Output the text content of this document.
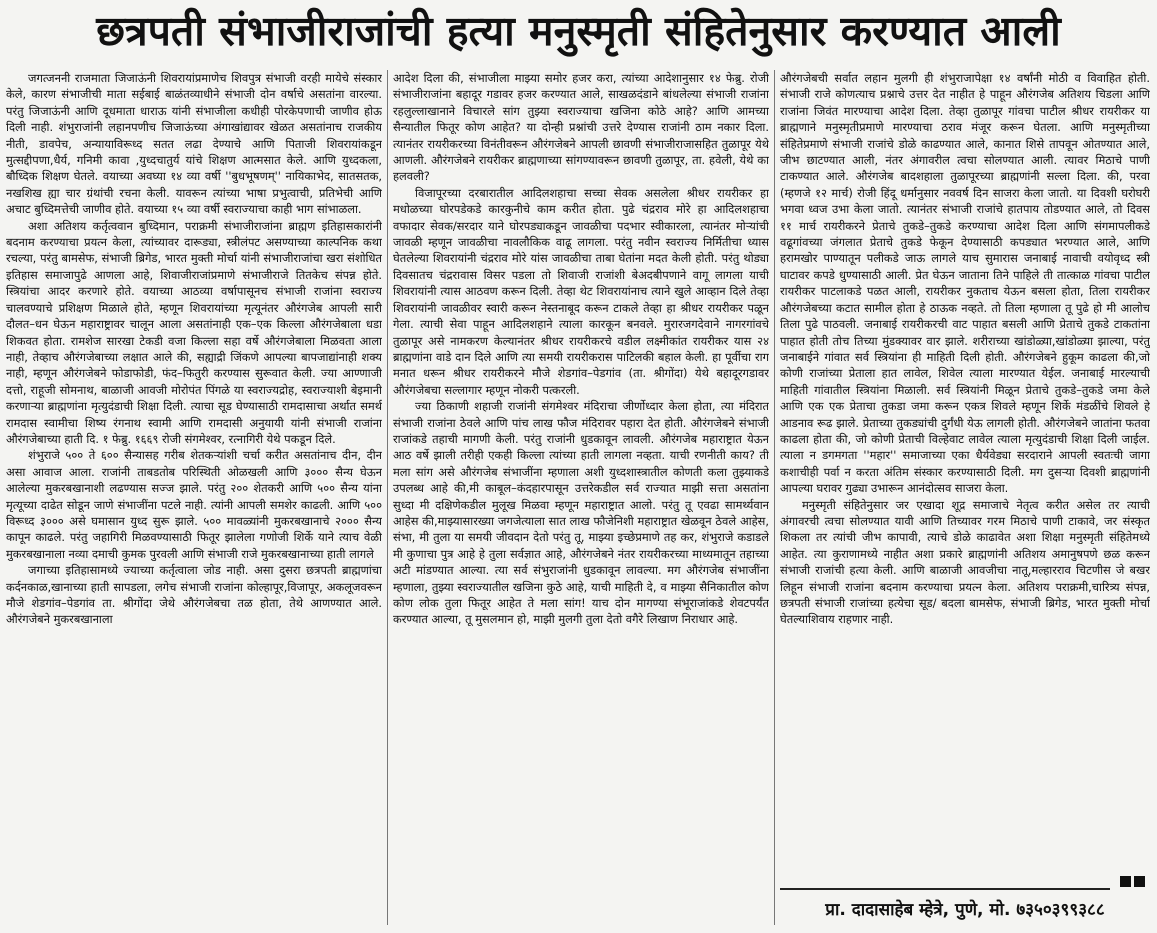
छत्रपती संभाजीराजांची हत्या मनुस्मृती संहितेनुसार करण्यात आली

जगत्जननी राजमाता जिजाऊंनी शिवरायांप्रमाणेच शिवपुत्र संभाजी वरही मायेचे संस्कार केले, कारण संभाजीची माता सईबाई बाळंतव्याधीने संभाजी दोन वर्षाचे असतांना वारल्या. परंतु जिजाऊंनी आणि दूधमाता धाराऊ यांनी संभाजीला कधीही पोरकेपणाची जाणीव होऊ दिली नाही. शंभुराजांनी लहानपणीच जिजाऊंच्या अंगाखांद्यावर खेळत असतांनाच राजकीय नीती, डावपेच, अन्यायाविरूध्द सतत लढा देण्याचे आणि पिताजी शिवरायांकडून मुत्सद्दीपणा,धैर्य, गनिमी कावा ,युध्दचातुर्य यांचे शिक्षण आत्मसात केले. आणि युध्दकला, बौध्दिक शिक्षण घेतले. वयाच्या अवघ्या १४ व्या वर्षी ''बुधभूषणम्'' नायिकाभेद, सातसतक, नखशिख ह्या चार ग्रंथांची रचना केली. यावरून त्यांच्या भाषा प्रभुत्वाची, प्रतिभेची आणि अचाट बुध्दिमत्तेची जाणीव होते. वयाच्या १५ व्या वर्षी स्वराज्याचा काही भाग सांभाळला.

अशा अतिशय कर्तृत्ववान बुध्दिमान, पराक्रमी संभाजीराजांना ब्राह्मण इतिहासकारांनी बदनाम करण्याचा प्रयत्न केला, त्यांच्यावर दारूड्या, स्त्रीलंपट असण्याच्या काल्पनिक कथा रचल्या, परंतु बामसेफ, संभाजी ब्रिगेड, भारत मुक्ती मोर्चा यांनी संभाजीराजांचा खरा संशोधित इतिहास समाजापुढे आणला आहे, शिवाजीराजांप्रमाणे संभाजीराजे तितकेच संपन्न होते. स्त्रियांचा आदर करणारे होते. वयाच्या आठव्या वर्षापासूनच संभाजी राजांना स्वराज्य चालवण्याचे प्रशिक्षण मिळाले होते, म्हणून शिवरायांच्या मृत्यूनंतर औरंगजेब आपली सारी दौलत–धन घेऊन महाराष्ट्रावर चालून आला असतांनाही एक–एक किल्ला औरंगजेबाला धडा शिकवत होता. रामशेज सारखा टेकडी वजा किल्ला सहा वर्षे औरंगजेबाला मिळवता आला नाही, तेव्हाच औरंगजेबाच्या लक्षात आले की, सह्याद्री जिंकणे आपल्या बापजाद्यांनाही शक्य नाही, म्हणून औरंगजेबने फोडाफोडी, फंद–फितुरी करण्यास सुरूवात केली. ज्या आण्णाजी दत्तो, राहूजी सोमनाथ, बाळाजी आवजी मोरोपंत पिंगळे या स्वराज्यद्रोह, स्वराज्याशी बेइमानी करणाऱ्या ब्राह्मणांना मृत्युदंडाची शिक्षा दिली. त्याचा सूड घेण्यासाठी रामदासाचा अर्थात समर्थ रामदास स्वामीचा शिष्य रंगनाथ स्वामी आणि रामदासी अनुयायी यांनी संभाजी राजांना औरंगजेबाच्या हाती दि. १ फेब्रु. १६६९ रोजी संगमेश्वर, रत्नागिरी येथे पकडून दिले.

शंभुराजे ५०० ते ६०० सैन्यासह गरीब शेतकऱ्यांशी चर्चा करीत असतांनाच दीन, दीन असा आवाज आला. राजांनी ताबडतोब परिस्थिती ओळखली आणि ३००० सैन्य घेऊन आलेल्या मुकरबखानाशी लढण्यास सज्ज झाले. परंतु २०० शेतकरी आणि ५०० सैन्य यांना मृत्यूच्या दाढेत सोडून जाणे संभाजींना पटले नाही. त्यांनी आपली समशेर काढली. आणि ५०० विरूध्द ३००० असे घमासान युध्द सुरू झाले. ५०० मावळ्यांनी मुकरबखानाचे २००० सैन्य कापून काढले. परंतु जहागिरी मिळवण्यासाठी फितूर झालेला गणोजी शिर्के याने त्याच वेळी मुकरबखानाला नव्या दमाची कुमक पुरवली आणि संभाजी राजे मुकरबखानाच्या हाती लागले

जगाच्या इतिहासामध्ये ज्याच्या कर्तृत्वाला जोड नाही. असा दुसरा छत्रपती ब्राह्मणांचा कर्दनकाळ,खानाच्या हाती सापडला, लगेच संभाजी राजांना कोल्हापूर,विजापूर, अकलूजवरून मौजे शेडगांव–पेडगांव ता. श्रीगोंदा जेथे औरंगजेबचा तळ होता, तेथे आणण्यात आले. औरंगजेबने मुकरबखानाला

आदेश दिला की, संभाजीला माझ्या समोर हजर करा, त्यांच्या आदेशानुसार १४ फेब्रु. रोजी संभाजीराजांना बहादूर गडावर हजर करण्यात आले, साखळदंडाने बांधलेल्या संभाजी राजांना रहलुल्लाखानाने विचारले सांग तुझ्या स्वराज्याचा खजिना कोठे आहे? आणि आमच्या सैन्यातील फितूर कोण आहेत? या दोन्ही प्रश्नांची उत्तरे देण्यास राजांनी ठाम नकार दिला. त्यानंतर रायरीकरच्या विनंतीवरून औरंगजेबने आपली छावणी संभाजीराजासहित तुळापूर येथे आणली. औरंगजेबने रायरीकर ब्राह्मणाच्या सांगण्यावरून छावणी तुळापूर, ता. हवेली, येथे का हलवली?

विजापूरच्या दरबारातील आदिलशहाचा सच्चा सेवक असलेला श्रीधर रायरीकर हा मधोळच्या घोरपडेकडे कारकुनीचे काम करीत होता. पुढे चंद्रराव मोरे हा आदिलशहाचा वफादार सेवक/सरदार याने घोरपड्याकडून जावळीचा पदभार स्वीकारला, त्यानंतर मोऱ्यांची जावळी म्हणून जावळीचा नावलौकिक वाढू लागला. परंतु नवीन स्वराज्य निर्मितीचा ध्यास घेतलेल्या शिवरायांनी चंद्रराव मोरे यांस जावळीचा ताबा घेतांना मदत केली होती. परंतु थोड्या दिवसातच चंद्ररावास विसर पडला तो शिवाजी राजांशी बेअदबीपणाने वागू लागला याची शिवरायांनी त्यास आठवण करून दिली. तेव्हा थेट शिवरायांनाच त्याने खुले आव्हान दिले तेव्हा शिवरायांनी जावळीवर स्वारी करून नेस्तनाबूद करून टाकले तेव्हा हा श्रीधर रायरीकर पळून गेला. त्याची सेवा पाहून आदिलशहाने त्याला कारकून बनवले. मुरारजगदेवाने नागरगांवचे तुळापूर असे नामकरण केल्यानंतर श्रीधर रायरीकरचे वडील लक्ष्मीकांत रायरीकर यास २४ ब्राह्मणांना वाडे दान दिले आणि त्या समयी रायरीकरास पाटिलकी बहाल केली. हा पूर्वीचा राग मनात धरून श्रीधर रायरीकरने मौजे शेडगांव–पेडगांव (ता. श्रीगोंदा) येथे बहादूरगडावर औरंगजेबचा सल्लागार म्हणून नोकरी पत्करली.

ज्या ठिकाणी शहाजी राजांनी संगमेश्वर मंदिराचा जीर्णोध्दार केला होता, त्या मंदिरात संभाजी राजांना ठेवले आणि पांच लाख फौज मंदिरावर पहारा देत होती. औरंगजेबने संभाजी राजांकडे तहाची मागणी केली. परंतु राजांनी धुडकावून लावली. औरंगजेब महाराष्ट्रात येऊन आठ वर्षे झाली तरीही एकही किल्ला त्यांच्या हाती लागला नव्हता. याची रणनीती काय? ती मला सांग असे औरंगजेब संभाजींना म्हणाला अशी युध्दशास्त्रातील कोणती कला तुझ्याकडे उपलब्ध आहे की,मी काबूल–कंदहारपासून उत्तरेकडील सर्व राज्यात माझी सत्ता असतांना सुध्दा मी दक्षिणेकडील मुलूख मिळवा म्हणून महाराष्ट्रात आलो. परंतु तू एवढा सामर्थ्यवान आहेस की,माझ्यासारख्या जगजेत्याला सात लाख फौजेनिशी महाराष्ट्रात खेळवून ठेवले आहेस, संभा, मी तुला या समयी जीवदान देतो परंतु तू, माझ्या इच्छेप्रमाणे तह कर, शंभुराजे कडाडले मी कुणाचा पुत्र आहे हे तुला सर्वज्ञात आहे, औरंगजेबने नंतर रायरीकरच्या माध्यमातून तहाच्या अटी मांडण्यात आल्या. त्या सर्व संभुराजांनी धुडकावून लावल्या. मग औरंगजेब संभाजींना म्हणाला, तुझ्या स्वराज्यातील खजिना कुठे आहे, याची माहिती दे, व माझ्या सैनिकातील कोण कोण लोक तुला फितूर आहेत ते मला सांग! याच दोन मागण्या संभूराजांकडे शेवटपर्यंत करण्यात आल्या, तू मुसलमान हो, माझी मुलगी तुला देतो वगैरे लिखाण निराधार आहे.

औरंगजेबची सर्वात लहान मुलगी ही शंभुराजापेक्षा १४ वर्षांनी मोठी व विवाहित होती. संभाजी राजे कोणत्याच प्रश्नाचे उत्तर देत नाहीत हे पाहून औरंगजेब अतिशय चिडला आणि राजांना जिवंत मारण्याचा आदेश दिला. तेव्हा तुळापूर गांवचा पाटील श्रीधर रायरीकर या ब्राह्मणाने मनुस्मृतीप्रमाणे मारण्याचा ठराव मंजूर करून घेतला. आणि मनुस्मृतीच्या संहितेप्रमाणे संभाजी राजांचे डोळे काढण्यात आले, कानात शिसे तापवून ओतण्यात आले, जीभ छाटण्यात आली, नंतर अंगावरील त्वचा सोलण्यात आली. त्यावर मिठाचे पाणी टाकण्यात आले. औरंगजेब बादशहाला तुळापूरच्या ब्राह्मणांनी सल्ला दिला. की, परवा (म्हणजे १२ मार्च) रोजी हिंदू धर्मानुसार नववर्ष दिन साजरा केला जातो. या दिवशी घरोघरी भगवा ध्वज उभा केला जातो. त्यानंतर संभाजी राजांचे हातपाय तोडण्यात आले, तो दिवस ११ मार्च रायरीकरने प्रेताचे तुकडे–तुकडे करण्याचा आदेश दिला आणि संगमापलीकडे वढूगांवच्या जंगलात प्रेताचे तुकडे फेकून देण्यासाठी कपड्यात भरण्यात आले, आणि हरामखोर पाण्यातून पलीकडे जाऊ लागले याच सुमारास जनाबाई नावाची वयोवृध्द स्त्री घाटावर कपडे धुण्यासाठी आली. प्रेत घेऊन जाताना तिने पाहिले ती तात्काळ गांवचा पाटील रायरीकर पाटलाकडे पळत आली, रायरीकर नुकताच येऊन बसला होता, तिला रायरीकर औरंगजेबच्या कटात सामील होता हे ठाऊक नव्हते. तो तिला म्हणाला तू पुढे हो मी आलोच तिला पुढे पाठवली. जनाबाई रायरीकरची वाट पाहात बसली आणि प्रेताचे तुकडे टाकतांना पाहात होती तोच तिच्या मुंडक्यावर वार झाले. शरीराच्या खांडोळ्या,खांडोळ्या झाल्या, परंतु जनाबाईने गांवात सर्व स्त्रियांना ही माहिती दिली होती. औरंगजेबने हुकूम काढला की,जो कोणी राजांच्या प्रेताला हात लावेल, शिवेल त्याला मारण्यात येईल. जनाबाई मारल्याची माहिती गांवातील स्त्रियांना मिळाली. सर्व स्त्रियांनी मिळून प्रेताचे तुकडे–तुकडे जमा केले आणि एक एक प्रेताचा तुकडा जमा करून एकत्र शिवले म्हणून शिर्के मंडळींचे शिवले हे आडनाव रूढ झाले. प्रेताच्या तुकड्यांची दुर्गंधी येऊ लागली होती. औरंगजेबने जातांना फतवा काढला होता की, जो कोणी प्रेताची विल्हेवाट लावेल त्याला मृत्युदंडाची शिक्षा दिली जाईल. त्याला न डगमगता ''महार'' समाजाच्या एका धैर्यवेड्या सरदाराने आपली स्वतःची जागा कशाचीही पर्वा न करता अंतिम संस्कार करण्यासाठी दिली. मग दुसऱ्या दिवशी ब्राह्मणांनी आपल्या घरावर गुढ्या उभारून आनंदोत्सव साजरा केला.

मनुस्मृती संहितेनुसार जर एखादा शूद्र समाजाचे नेतृत्व करीत असेल तर त्याची अंगावरची त्वचा सोलण्यात यावी आणि तिच्यावर गरम मिठाचे पाणी टाकावे, जर संस्कृत शिकला तर त्यांची जीभ कापावी, त्याचे डोळे काढावेत अशा शिक्षा मनुस्मृती संहितेमध्ये आहेत. त्या कुराणामध्ये नाहीत अशा प्रकारे ब्राह्मणांनी अतिशय अमानुषपणे छळ करून संभाजी राजांची हत्या केली. आणि बाळाजी आवजीचा नातू,मल्हारराव चिटणीस जे बखर लिहून संभाजी राजांना बदनाम करण्याचा प्रयत्न केला. अतिशय पराक्रमी,चारित्र्य संपन्न, छत्रपती संभाजी राजांच्या हत्येचा सूड/ बदला बामसेफ, संभाजी ब्रिगेड, भारत मुक्ती मोर्चा घेतल्याशिवाय राहणार नाही.

प्रा. दादासाहेब म्हेत्रे, पुणे, मो. ७३५०३९९३८८
